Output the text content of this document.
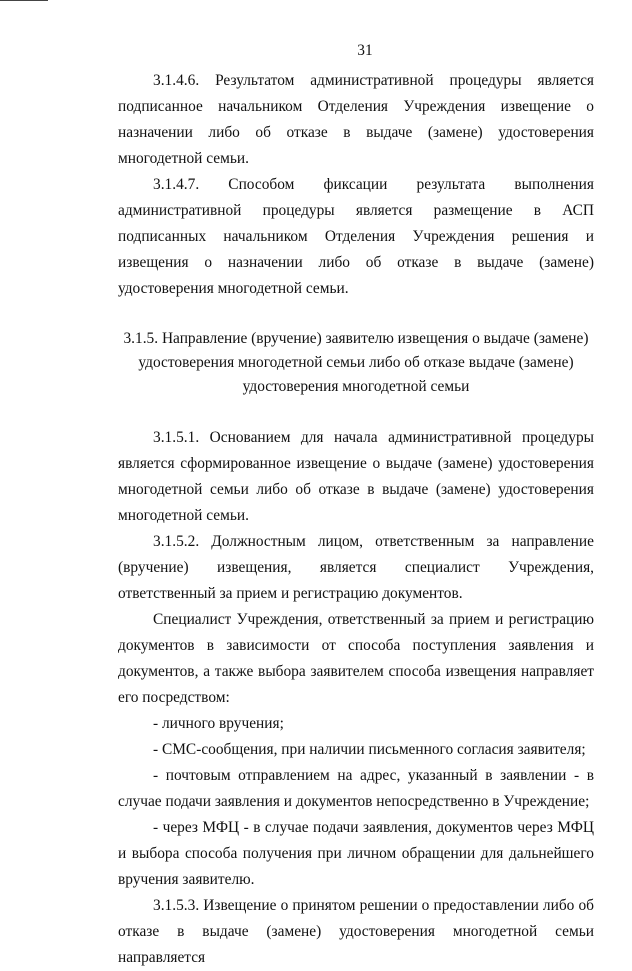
31

3.1.4.6. Результатом административной процедуры является подписанное начальником Отделения Учреждения извещение о назначении либо об отказе в выдаче (замене) удостоверения многодетной семьи.

3.1.4.7. Способом фиксации результата выполнения административной процедуры является размещение в АСП подписанных начальником Отделения Учреждения решения и извещения о назначении либо об отказе в выдаче (замене) удостоверения многодетной семьи.

3.1.5. Направление (вручение) заявителю извещения о выдаче (замене)
удостоверения многодетной семьи либо об отказе выдаче (замене)
удостоверения многодетной семьи

3.1.5.1. Основанием для начала административной процедуры является сформированное извещение о выдаче (замене) удостоверения многодетной семьи либо об отказе в выдаче (замене) удостоверения многодетной семьи.

3.1.5.2. Должностным лицом, ответственным за направление (вручение) извещения, является специалист Учреждения, ответственный за прием и регистрацию документов.

Специалист Учреждения, ответственный за прием и регистрацию документов в зависимости от способа поступления заявления и документов, а также выбора заявителем способа извещения направляет его посредством:

- личного вручения;

- СМС-сообщения, при наличии письменного согласия заявителя;

- почтовым отправлением на адрес, указанный в заявлении - в случае подачи заявления и документов непосредственно в Учреждение;

- через МФЦ - в случае подачи заявления, документов через МФЦ и выбора способа получения при личном обращении для дальнейшего вручения заявителю.

3.1.5.3. Извещение о принятом решении о предоставлении либо об отказе в выдаче (замене) удостоверения многодетной семьи направляется
